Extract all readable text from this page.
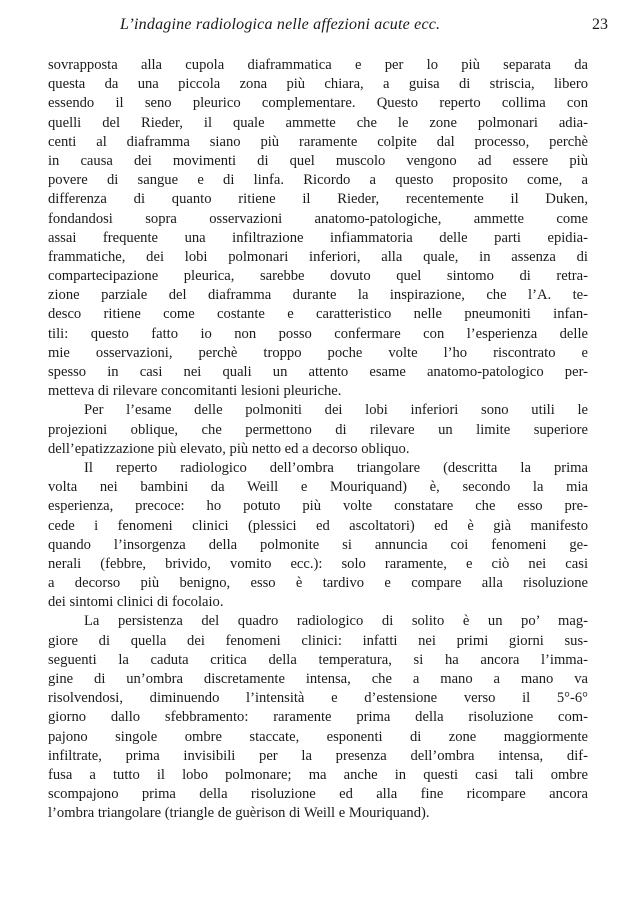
L’indagine radiologica nelle affezioni acute ecc.	23
sovrapposta alla cupola diaframmatica e per lo più separata da
questa da una piccola zona più chiara, a guisa di striscia, libero
essendo il seno pleurico complementare. Questo reperto collima con
quelli del Rieder, il quale ammette che le zone polmonari adia-
centi al diaframma siano più raramente colpite dal processo, perchè
in causa dei movimenti di quel muscolo vengono ad essere più
povere di sangue e di linfa. Ricordo a questo proposito come, a
differenza di quanto ritiene il Rieder, recentemente il Duken,
fondandosi sopra osservazioni anatomo-patologiche, ammette come
assai frequente una infiltrazione infiammatoria delle parti epidia-
frammatiche, dei lobi polmonari inferiori, alla quale, in assenza di
compartecipazione pleurica, sarebbe dovuto quel sintomo di retra-
zione parziale del diaframma durante la inspirazione, che l’A. te-
desco ritiene come costante e caratteristico nelle pneumoniti infan-
tili: questo fatto io non posso confermare con l’esperienza delle
mie osservazioni, perchè troppo poche volte l’ho riscontrato e
spesso in casi nei quali un attento esame anatomo-patologico per-
metteva di rilevare concomitanti lesioni pleuriche.
Per l’esame delle polmoniti dei lobi inferiori sono utili le
projezioni oblique, che permettono di rilevare un limite superiore
dell’epatizzazione più elevato, più netto ed a decorso obliquo.
Il reperto radiologico dell’ombra triangolare (descritta la prima
volta nei bambini da Weill e Mouriquand) è, secondo la mia
esperienza, precoce: ho potuto più volte constatare che esso pre-
cede i fenomeni clinici (plessici ed ascoltatori) ed è già manifesto
quando l’insorgenza della polmonite si annuncia coi fenomeni ge-
nerali (febbre, brivido, vomito ecc.): solo raramente, e ciò nei casi
a decorso più benigno, esso è tardivo e compare alla risoluzione
dei sintomi clinici di focolaio.
La persistenza del quadro radiologico di solito è un po’ mag-
giore di quella dei fenomeni clinici: infatti nei primi giorni sus-
seguenti la caduta critica della temperatura, si ha ancora l’imma-
gine di un’ombra discretamente intensa, che a mano a mano va
risolvendosi, diminuendo l’intensità e d’estensione verso il 5°-6°
giorno dallo sfebbramento: raramente prima della risoluzione com-
pajono singole ombre staccate, esponenti di zone maggiormente
infiltrate, prima invisibili per la presenza dell’ombra intensa, dif-
fusa a tutto il lobo polmonare; ma anche in questi casi tali ombre
scompajono prima della risoluzione ed alla fine ricompare ancora
l’ombra triangolare (triangle de guèrison di Weill e Mouriquand).
